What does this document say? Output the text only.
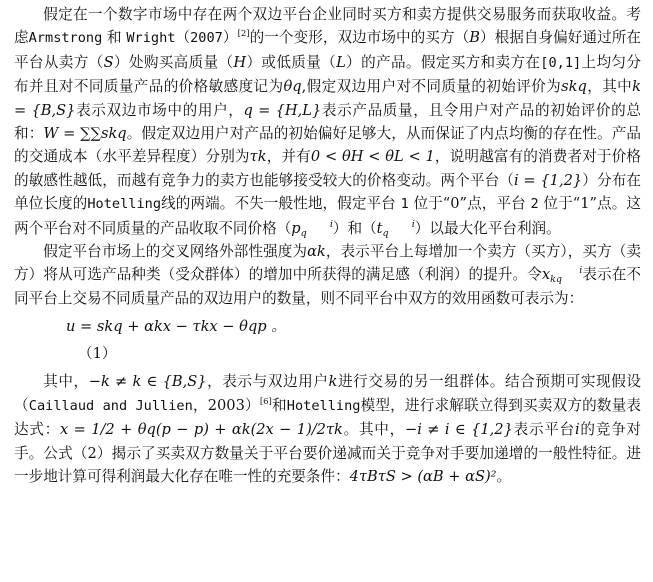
假定在一个数字市场中存在两个双边平台企业同时买方和卖方提供交易服务而获取收益。考虑Armstrong 和 Wright（2007）[2]的一个变形，双边市场中的买方（B）根据自身偏好通过所在平台从卖方（S）处购买高质量（H）或低质量（L）的产品。假定买方和卖方在[0,1]上均匀分布并且对不同质量产品的价格敏感度记为θq,假定双边用户对不同质量的初始评价为skq，其中k = {B,S}表示双边市场中的用户，q = {H,L}表示产品质量，且令用户对产品的初始评价的总和：W = ∑∑skq。假定双边用户对产品的初始偏好足够大，从而保证了内点均衡的存在性。产品的交通成本（水平差异程度）分别为τk，并有0 < θH < θL < 1，说明越富有的消费者对于价格的敏感性越低，而越有竞争力的卖方也能够接受较大的价格变动。两个平台（i = {1,2}）分布在单位长度的Hotelling线的两端。不失一般性地，假定平台 1 位于“0”点，平台 2 位于“1”点。这两个平台对不同质量的产品收取不同价格（p	i
q ）和（t	i
q ）以最大化平台利润。

假定平台市场上的交叉网络外部性强度为αk，表示平台上每增加一个卖方（买方），买方（卖方）将从可选产品种类（受众群体）的增加中所获得的满足感（利润）的提升。令x	i
kq 表示在不同平台上交易不同质量产品的双边用户的数量，则不同平台中双方的效用函数可表示为：

u = skq + αkx − τkx − θqp 。
（1）

其中，−k ≠ k ∈ {B,S}，表示与双边用户k进行交易的另一组群体。结合预期可实现假设（Caillaud and Jullien，2003）[6]和Hotelling模型，进行求解联立得到买卖双方的数量表达式：x = 1/2 + θq(p − p) + αk(2x − 1)/2τk。其中，−i ≠ i ∈ {1,2}表示平台i的竞争对手。公式（2）揭示了买卖双方数量关于平台要价递减而关于竞争对手要加递增的一般性特征。进一步地计算可得利润最大化存在唯一性的充要条件：4τBτS > (αB + αS)²。
